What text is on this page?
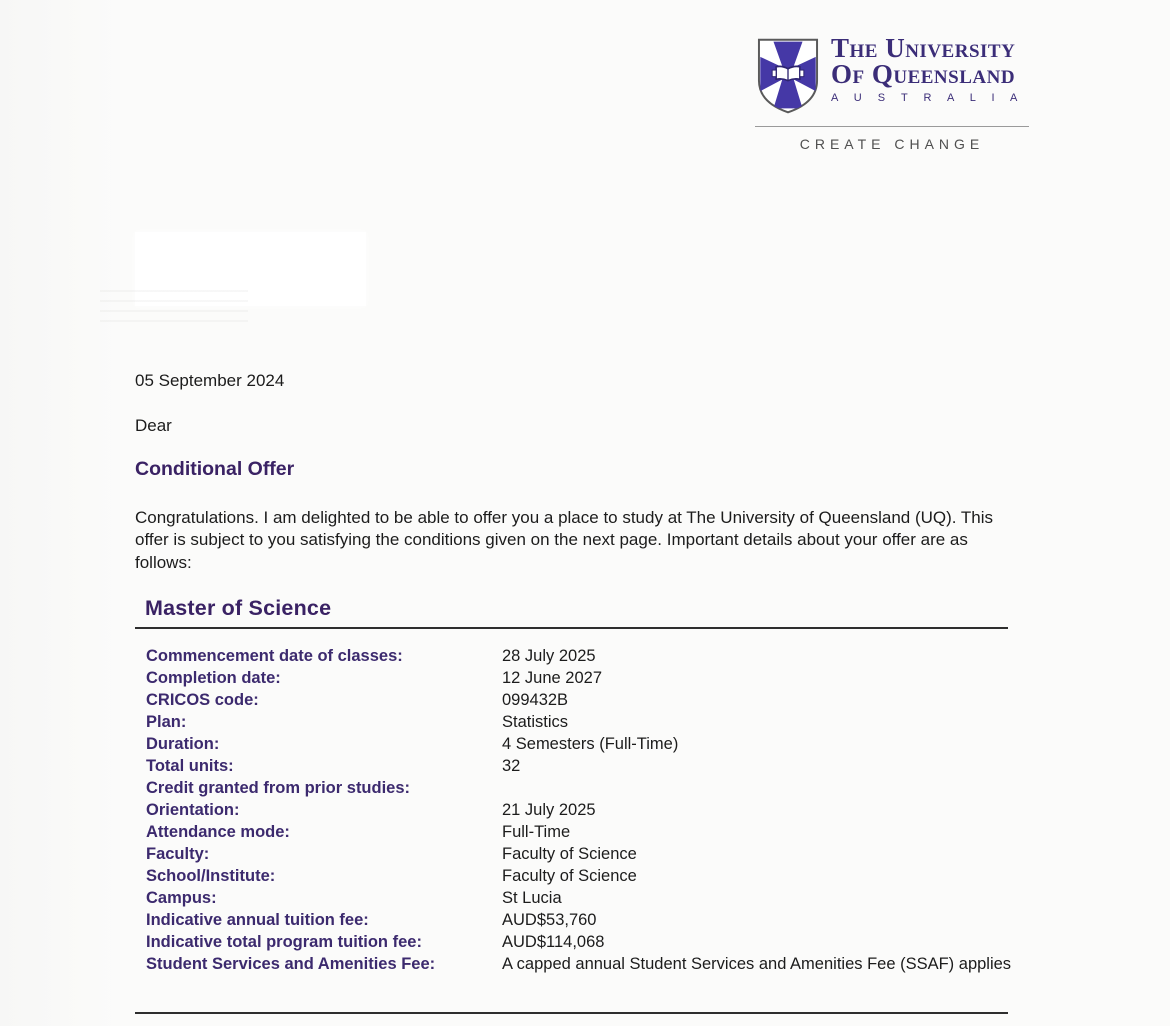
The University
Of Queensland
A U S T R A L I A
CREATE CHANGE
05 September 2024
Dear
Conditional Offer
Congratulations. I am delighted to be able to offer you a place to study at The University of Queensland (UQ). This offer is subject to you satisfying the conditions given on the next page. Important details about your offer are as follows:
Master of Science
Commencement date of classes:	28 July 2025
Completion date:	12 June 2027
CRICOS code:	099432B
Plan:	Statistics
Duration:	4 Semesters (Full-Time)
Total units:	32
Credit granted from prior studies:
Orientation:	21 July 2025
Attendance mode:	Full-Time
Faculty:	Faculty of Science
School/Institute:	Faculty of Science
Campus:	St Lucia
Indicative annual tuition fee:	AUD$53,760
Indicative total program tuition fee:	AUD$114,068
Student Services and Amenities Fee:	A capped annual Student Services and Amenities Fee (SSAF) applies
